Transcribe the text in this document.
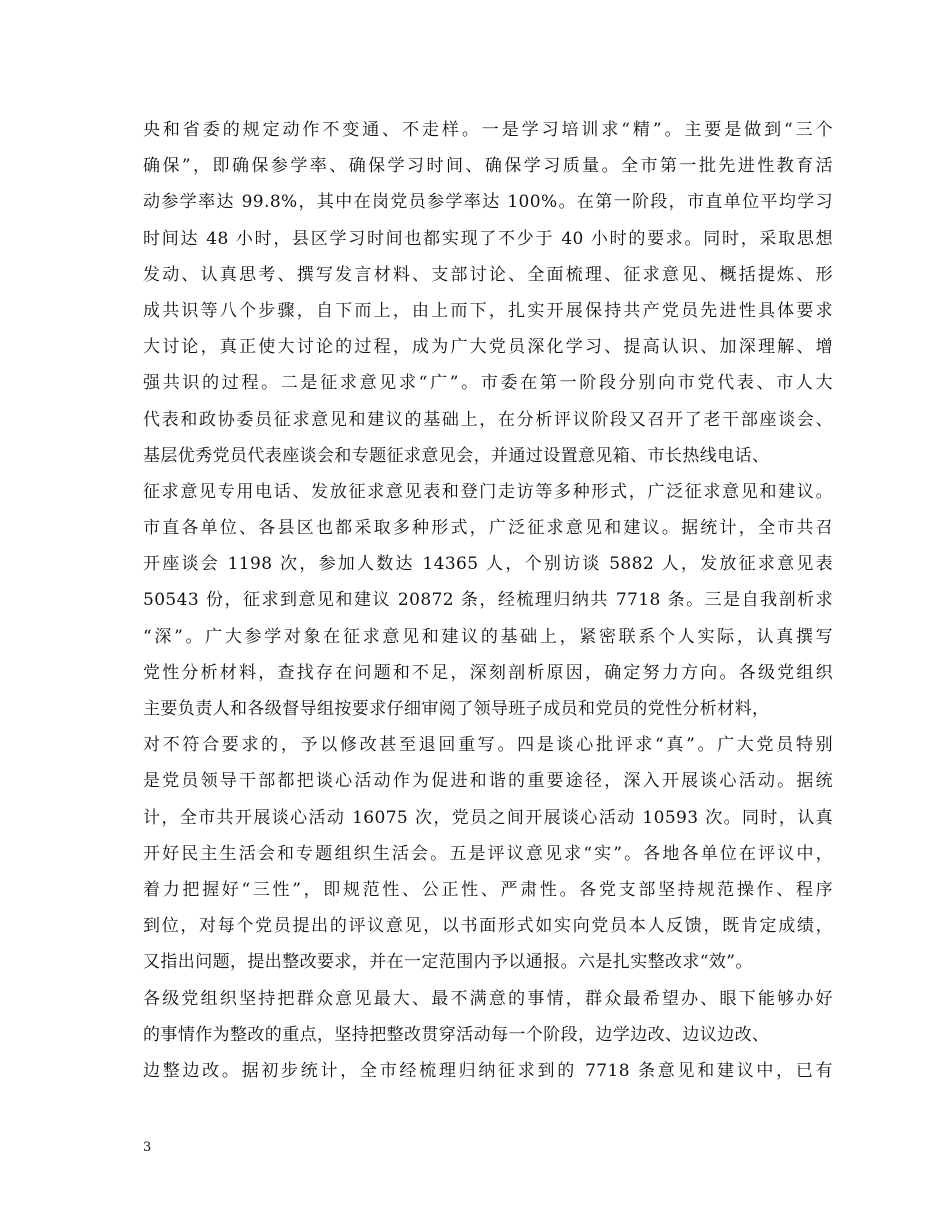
央和省委的规定动作不变通、不走样。一是学习培训求“精”。主要是做到“三个
确保”，即确保参学率、确保学习时间、确保学习质量。全市第一批先进性教育活
动参学率达 99.8%，其中在岗党员参学率达 100%。在第一阶段，市直单位平均学习
时间达 48 小时，县区学习时间也都实现了不少于 40 小时的要求。同时，采取思想
发动、认真思考、撰写发言材料、支部讨论、全面梳理、征求意见、概括提炼、形
成共识等八个步骤，自下而上，由上而下，扎实开展保持共产党员先进性具体要求
大讨论，真正使大讨论的过程，成为广大党员深化学习、提高认识、加深理解、增
强共识的过程。二是征求意见求“广”。市委在第一阶段分别向市党代表、市人大
代表和政协委员征求意见和建议的基础上，在分析评议阶段又召开了老干部座谈会、
基层优秀党员代表座谈会和专题征求意见会，并通过设置意见箱、市长热线电话、
征求意见专用电话、发放征求意见表和登门走访等多种形式，广泛征求意见和建议。
市直各单位、各县区也都采取多种形式，广泛征求意见和建议。据统计，全市共召
开座谈会 1198 次，参加人数达 14365 人，个别访谈 5882 人，发放征求意见表
50543 份，征求到意见和建议 20872 条，经梳理归纳共 7718 条。三是自我剖析求
“深”。广大参学对象在征求意见和建议的基础上，紧密联系个人实际，认真撰写
党性分析材料，查找存在问题和不足，深刻剖析原因，确定努力方向。各级党组织
主要负责人和各级督导组按要求仔细审阅了领导班子成员和党员的党性分析材料，
对不符合要求的，予以修改甚至退回重写。四是谈心批评求“真”。广大党员特别
是党员领导干部都把谈心活动作为促进和谐的重要途径，深入开展谈心活动。据统
计，全市共开展谈心活动 16075 次，党员之间开展谈心活动 10593 次。同时，认真
开好民主生活会和专题组织生活会。五是评议意见求“实”。各地各单位在评议中，
着力把握好“三性”，即规范性、公正性、严肃性。各党支部坚持规范操作、程序
到位，对每个党员提出的评议意见，以书面形式如实向党员本人反馈，既肯定成绩，
又指出问题，提出整改要求，并在一定范围内予以通报。六是扎实整改求“效”。
各级党组织坚持把群众意见最大、最不满意的事情，群众最希望办、眼下能够办好
的事情作为整改的重点，坚持把整改贯穿活动每一个阶段，边学边改、边议边改、
边整边改。据初步统计，全市经梳理归纳征求到的 7718 条意见和建议中，已有
3
